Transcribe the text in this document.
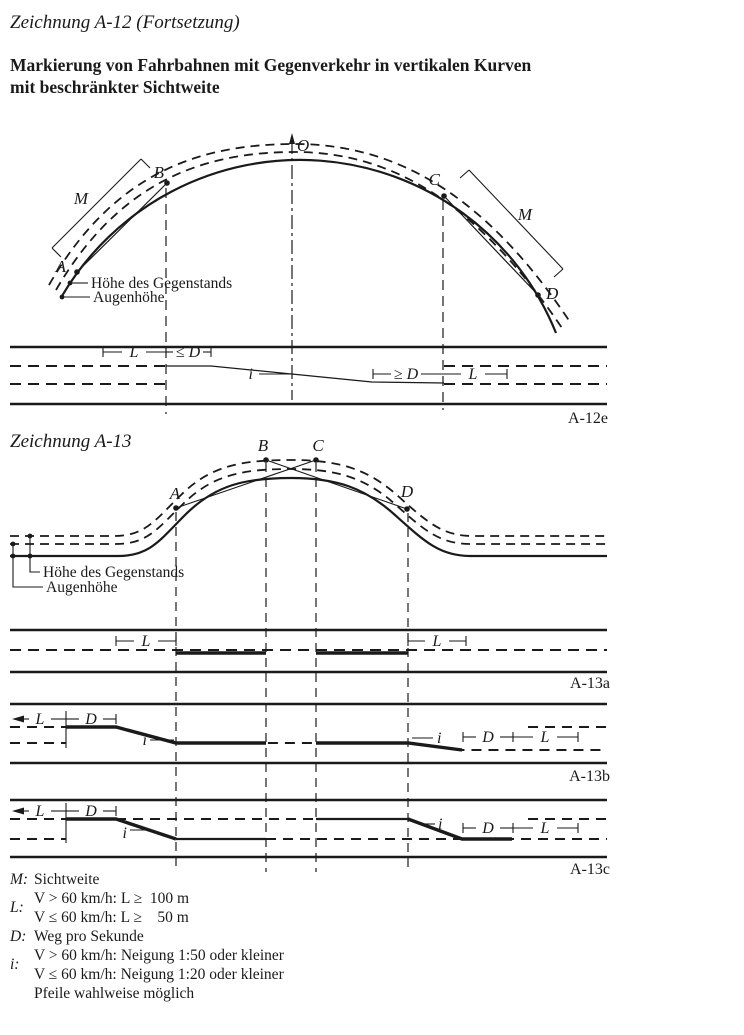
O
M
M
A
B	C
D
Höhe des Gegenstands
Augenhöhe
L ≤ D
i	≥ D	L
A-12e
A
B	C
D
Höhe des Gegenstands
Augenhöhe
L	L
A-13a
L	D
i	i	D	L
A-13b
L	D
i
i D	L
A-13c
Zeichnung A-12 (Fortsetzung)
Markierung von Fahrbahnen mit Gegenverkehr in vertikalen Kurven
mit beschränkter Sichtweite
Zeichnung A-13
M: Sichtweite
L:
V > 60 km/h: L ≥  100 m
V ≤ 60 km/h: L ≥    50 m
D: Weg pro Sekunde
i:
V > 60 km/h: Neigung 1:50 oder kleiner
V ≤ 60 km/h: Neigung 1:20 oder kleiner
Pfeile wahlweise möglich
